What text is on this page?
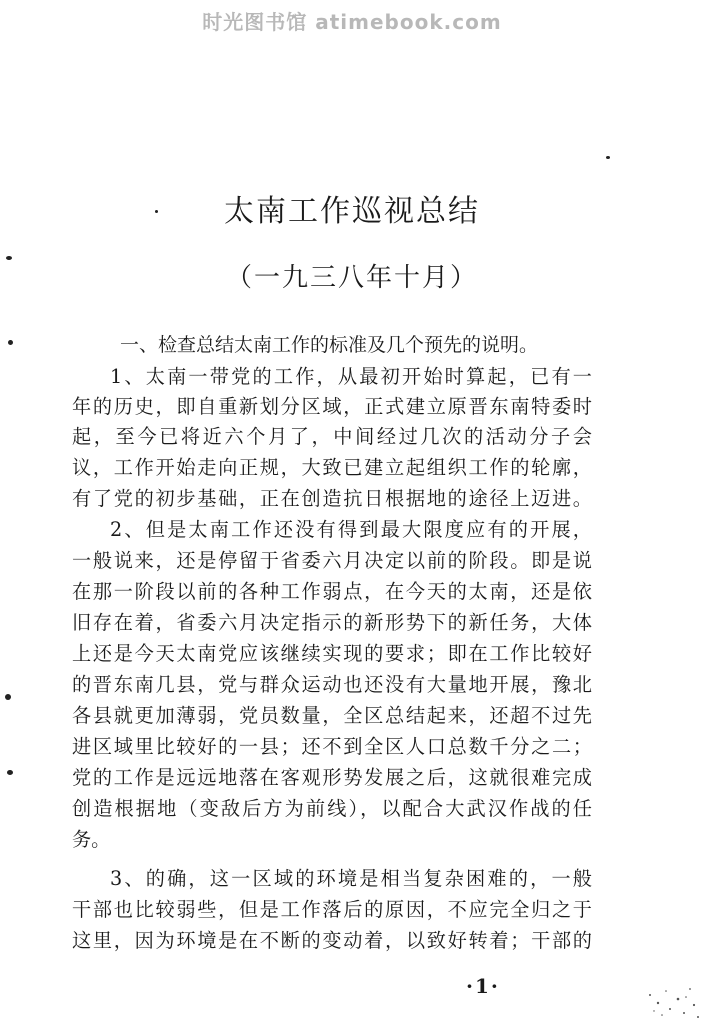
时光图书馆 atimebook.com
太南工作巡视总结
（一九三八年十月）
一、检查总结太南工作的标准及几个预先的说明。
1、太南一带党的工作，从最初开始时算起，已有一
年的历史，即自重新划分区域，正式建立原晋东南特委时
起，至今已将近六个月了，中间经过几次的活动分子会
议，工作开始走向正规，大致已建立起组织工作的轮廓，
有了党的初步基础，正在创造抗日根据地的途径上迈进。
2、但是太南工作还没有得到最大限度应有的开展，
一般说来，还是停留于省委六月决定以前的阶段。即是说
在那一阶段以前的各种工作弱点，在今天的太南，还是依
旧存在着，省委六月决定指示的新形势下的新任务，大体
上还是今天太南党应该继续实现的要求；即在工作比较好
的晋东南几县，党与群众运动也还没有大量地开展，豫北
各县就更加薄弱，党员数量，全区总结起来，还超不过先
进区域里比较好的一县；还不到全区人口总数千分之二；
党的工作是远远地落在客观形势发展之后，这就很难完成
创造根据地（变敌后方为前线），以配合大武汉作战的任
务。
3、的确，这一区域的环境是相当复杂困难的，一般
干部也比较弱些，但是工作落后的原因，不应完全归之于
这里，因为环境是在不断的变动着，以致好转着；干部的
·1·
